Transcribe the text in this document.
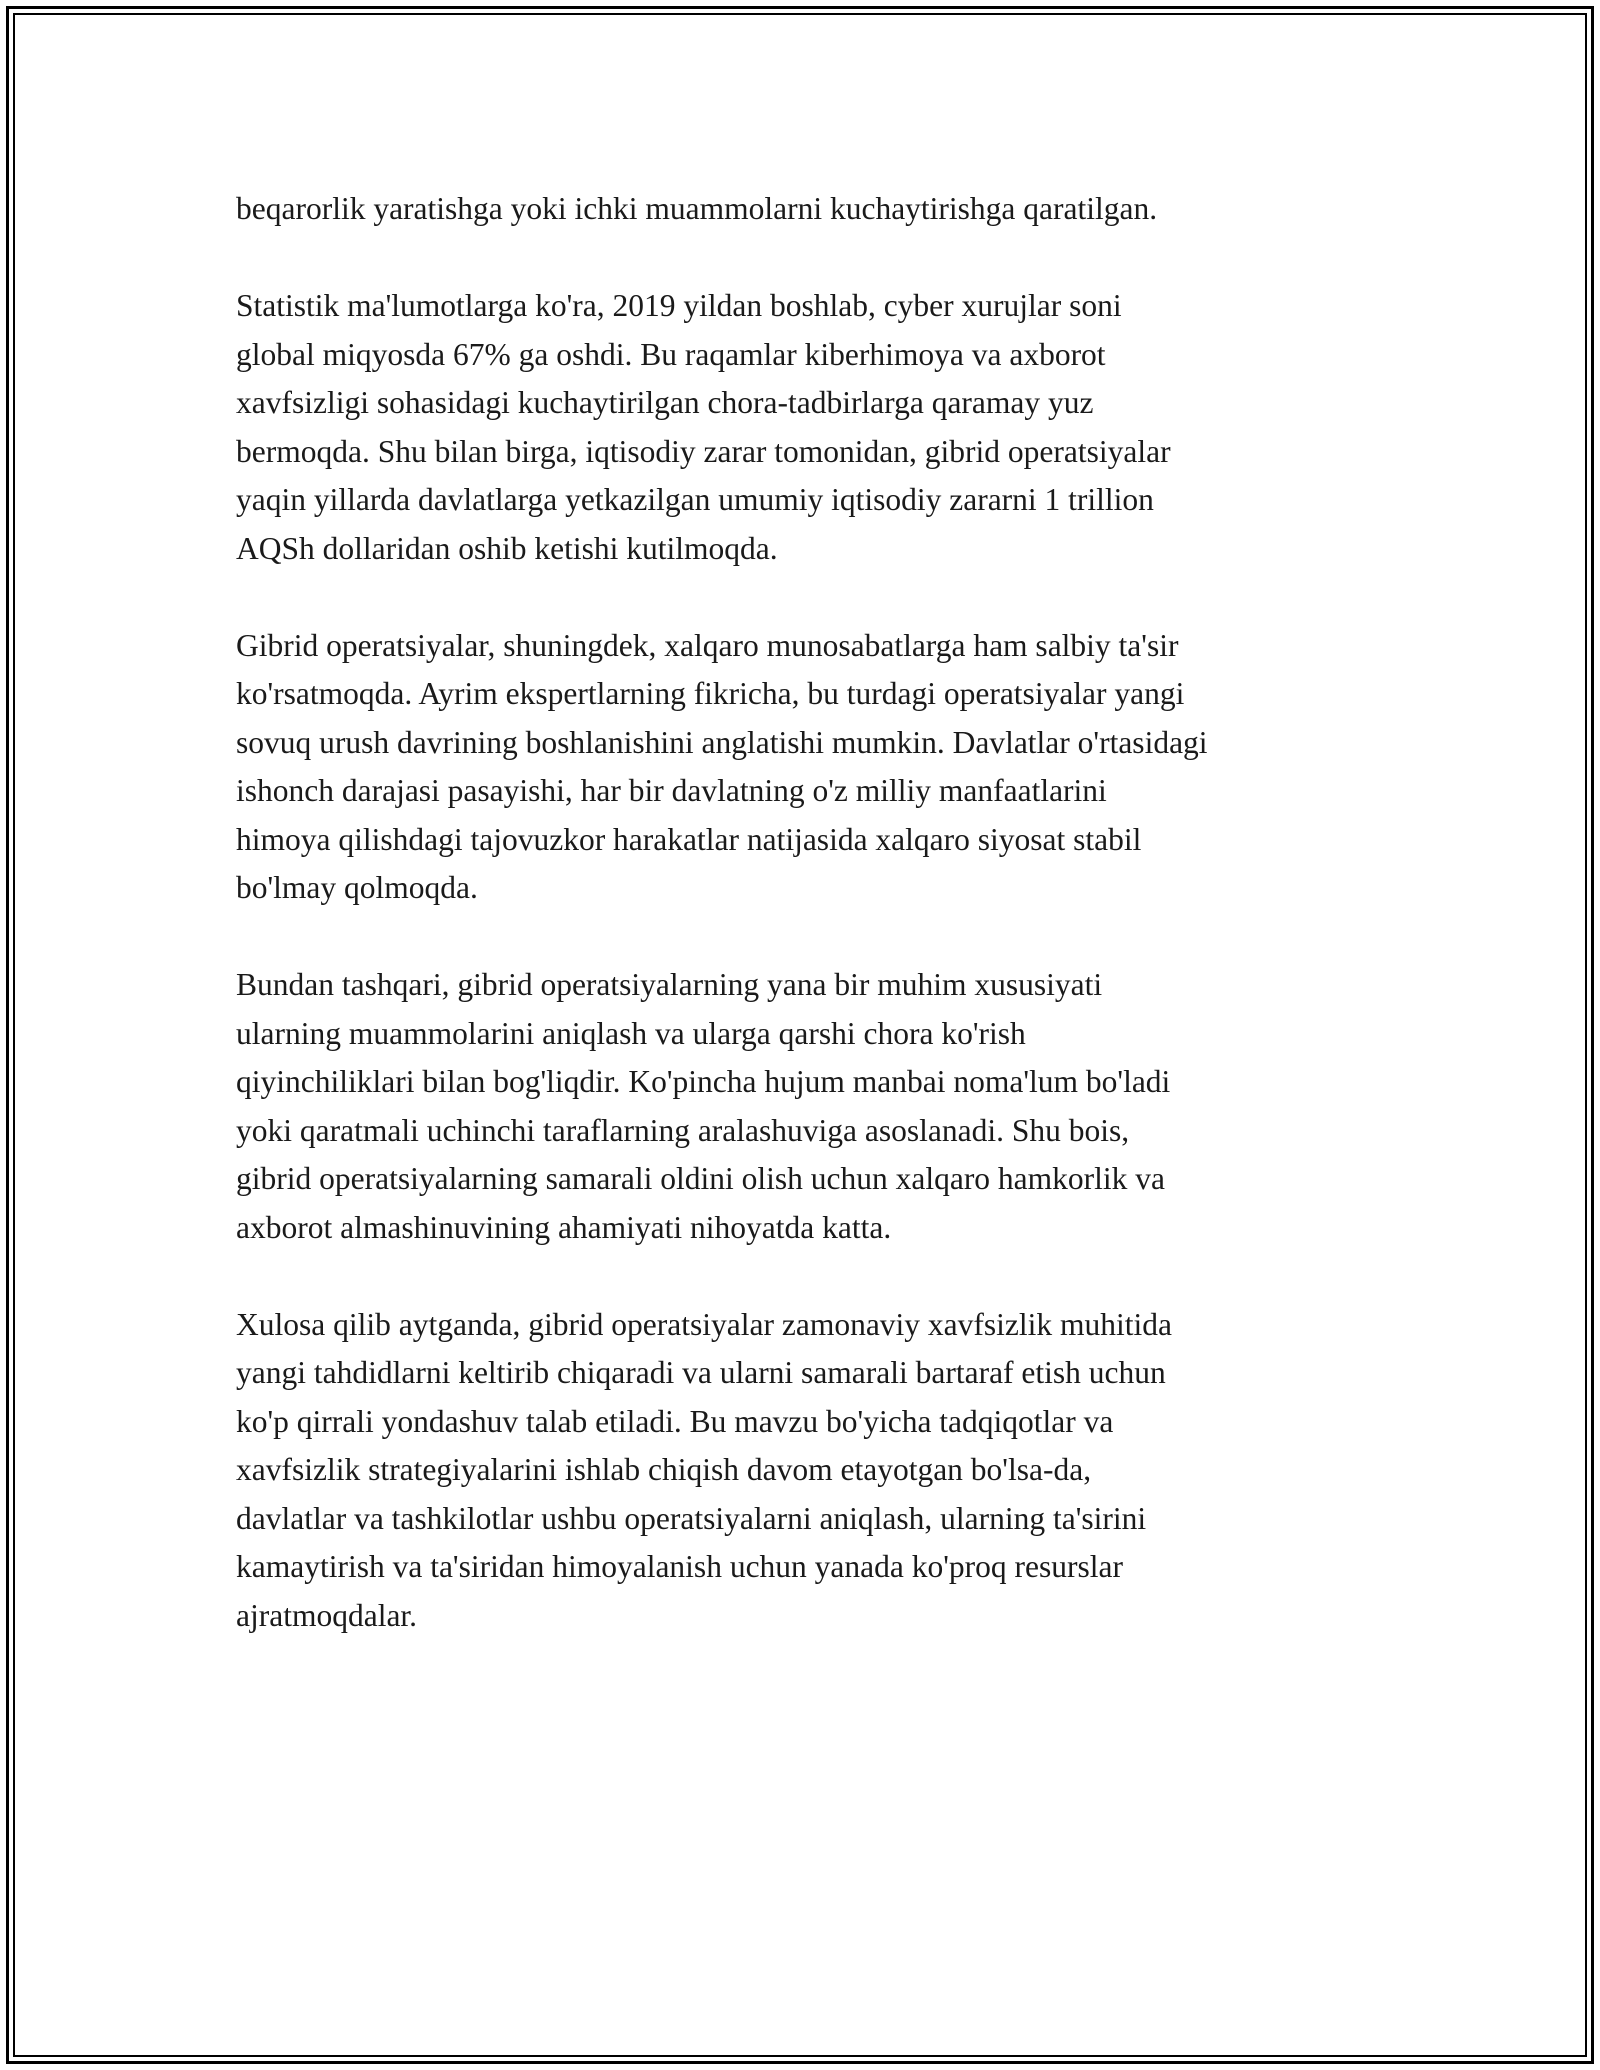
beqarorlik yaratishga yoki ichki muammolarni kuchaytirishga qaratilgan.

Statistik ma'lumotlarga ko'ra, 2019 yildan boshlab, cyber xurujlar soni
global miqyosda 67% ga oshdi. Bu raqamlar kiberhimoya va axborot
xavfsizligi sohasidagi kuchaytirilgan chora-tadbirlarga qaramay yuz
bermoqda. Shu bilan birga, iqtisodiy zarar tomonidan, gibrid operatsiyalar
yaqin yillarda davlatlarga yetkazilgan umumiy iqtisodiy zararni 1 trillion
AQSh dollaridan oshib ketishi kutilmoqda.

Gibrid operatsiyalar, shuningdek, xalqaro munosabatlarga ham salbiy ta'sir
ko'rsatmoqda. Ayrim ekspertlarning fikricha, bu turdagi operatsiyalar yangi
sovuq urush davrining boshlanishini anglatishi mumkin. Davlatlar o'rtasidagi
ishonch darajasi pasayishi, har bir davlatning o'z milliy manfaatlarini
himoya qilishdagi tajovuzkor harakatlar natijasida xalqaro siyosat stabil
bo'lmay qolmoqda.

Bundan tashqari, gibrid operatsiyalarning yana bir muhim xususiyati
ularning muammolarini aniqlash va ularga qarshi chora ko'rish
qiyinchiliklari bilan bog'liqdir. Ko'pincha hujum manbai noma'lum bo'ladi
yoki qaratmali uchinchi taraflarning aralashuviga asoslanadi. Shu bois,
gibrid operatsiyalarning samarali oldini olish uchun xalqaro hamkorlik va
axborot almashinuvining ahamiyati nihoyatda katta.

Xulosa qilib aytganda, gibrid operatsiyalar zamonaviy xavfsizlik muhitida
yangi tahdidlarni keltirib chiqaradi va ularni samarali bartaraf etish uchun
ko'p qirrali yondashuv talab etiladi. Bu mavzu bo'yicha tadqiqotlar va
xavfsizlik strategiyalarini ishlab chiqish davom etayotgan bo'lsa-da,
davlatlar va tashkilotlar ushbu operatsiyalarni aniqlash, ularning ta'sirini
kamaytirish va ta'siridan himoyalanish uchun yanada ko'proq resurslar
ajratmoqdalar.
